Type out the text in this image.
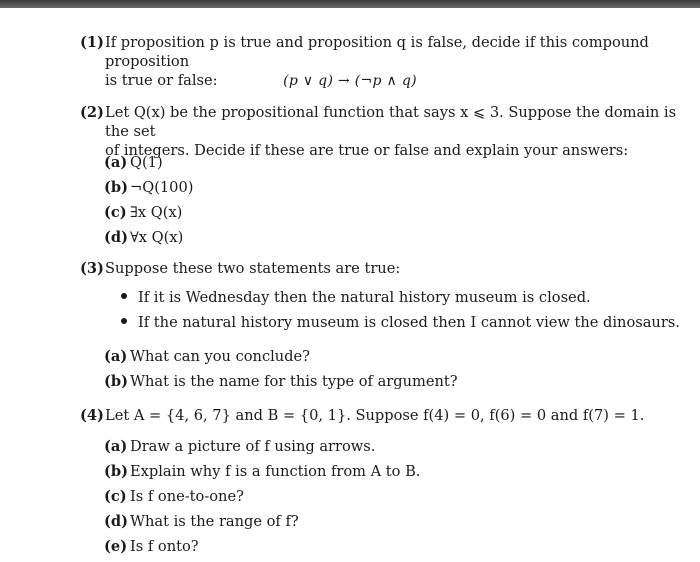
(1) If proposition p is true and proposition q is false, decide if this compound proposition
is true or false:	(p ∨ q) → (¬p ∧ q)
(2) Let Q(x) be the propositional function that says x ⩽ 3. Suppose the domain is the set
of integers. Decide if these are true or false and explain your answers:
(a) Q(1)
(b) ¬Q(100)
(c) ∃x Q(x)
(d) ∀x Q(x)
(3) Suppose these two statements are true:
If it is Wednesday then the natural history museum is closed.
If the natural history museum is closed then I cannot view the dinosaurs.
(a) What can you conclude?
(b) What is the name for this type of argument?
(4) Let A = {4, 6, 7} and B = {0, 1}. Suppose f(4) = 0, f(6) = 0 and f(7) = 1.
(a) Draw a picture of f using arrows.
(b) Explain why f is a function from A to B.
(c) Is f one-to-one?
(d) What is the range of f?
(e) Is f onto?
